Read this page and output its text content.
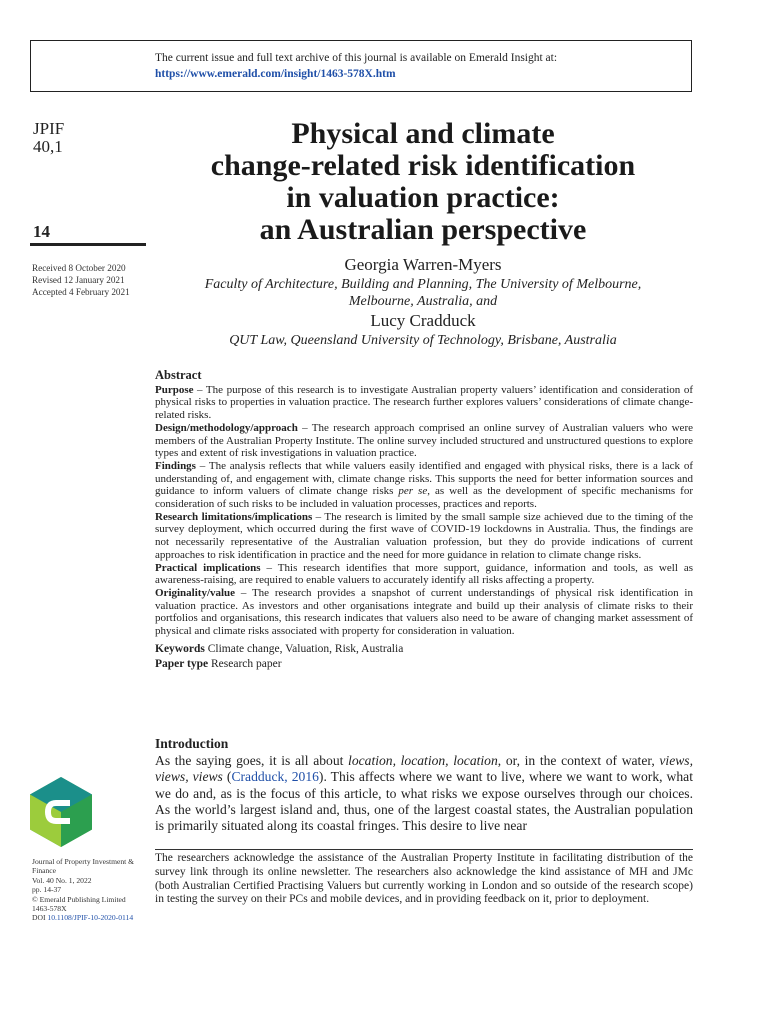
The current issue and full text archive of this journal is available on Emerald Insight at:
https://www.emerald.com/insight/1463-578X.htm
JPIF
40,1
14
Received 8 October 2020
Revised 12 January 2021
Accepted 4 February 2021
Physical and climate
change-related risk identification
in valuation practice:
an Australian perspective
Georgia Warren-Myers
Faculty of Architecture, Building and Planning, The University of Melbourne,
Melbourne, Australia, and
Lucy Cradduck
QUT Law, Queensland University of Technology, Brisbane, Australia
Abstract

Purpose – The purpose of this research is to investigate Australian property valuers’ identification and consideration of physical risks to properties in valuation practice. The research further explores valuers’ considerations of climate change-related risks.

Design/methodology/approach – The research approach comprised an online survey of Australian valuers who were members of the Australian Property Institute. The online survey included structured and unstructured questions to explore types and extent of risk investigations in valuation practice.

Findings – The analysis reflects that while valuers easily identified and engaged with physical risks, there is a lack of understanding of, and engagement with, climate change risks. This supports the need for better information sources and guidance to inform valuers of climate change risks per se, as well as the development of specific mechanisms for consideration of such risks to be included in valuation processes, practices and reports.

Research limitations/implications – The research is limited by the small sample size achieved due to the timing of the survey deployment, which occurred during the first wave of COVID-19 lockdowns in Australia. Thus, the findings are not necessarily representative of the Australian valuation profession, but they do provide indications of current approaches to risk identification in practice and the need for more guidance in relation to climate change risks.

Practical implications – This research identifies that more support, guidance, information and tools, as well as awareness-raising, are required to enable valuers to accurately identify all risks affecting a property.

Originality/value – The research provides a snapshot of current understandings of physical risk identification in valuation practice. As investors and other organisations integrate and build up their analysis of climate risks to their portfolios and organisations, this research indicates that valuers also need to be aware of changing market assessment of physical and climate risks associated with property for consideration in valuation.

Keywords Climate change, Valuation, Risk, Australia

Paper type Research paper

Introduction

As the saying goes, it is all about location, location, location, or, in the context of water, views, views, views (Cradduck, 2016). This affects where we want to live, where we want to work, what we do and, as is the focus of this article, to what risks we expose ourselves through our choices. As the world’s largest island and, thus, one of the largest coastal states, the Australian population is primarily situated along its coastal fringes. This desire to live near

The researchers acknowledge the assistance of the Australian Property Institute in facilitating distribution of the survey link through its online newsletter. The researchers also acknowledge the kind assistance of MH and JMc (both Australian Certified Practising Valuers but currently working in London and so outside of the research scope) in testing the survey on their PCs and mobile devices, and in providing feedback on it, prior to deployment.
Journal of Property Investment & Finance
Vol. 40 No. 1, 2022
pp. 14-37
© Emerald Publishing Limited
1463-578X
DOI 10.1108/JPIF-10-2020-0114
